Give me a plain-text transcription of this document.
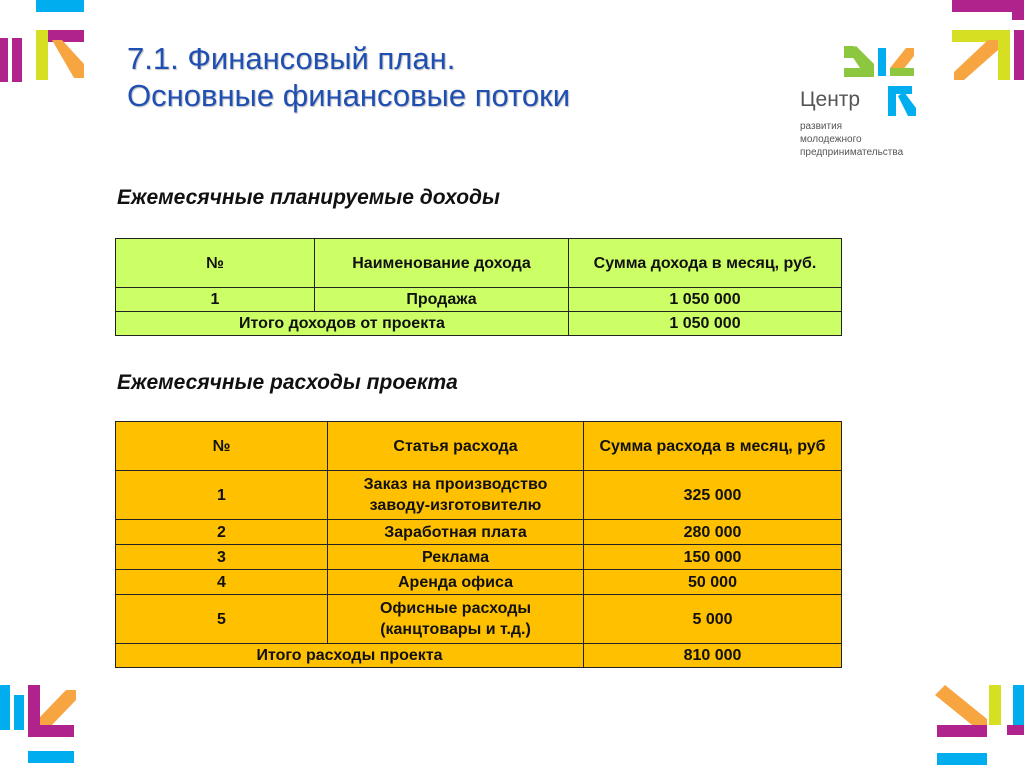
7.1. Финансовый план.
Основные финансовые потоки	Центр
развития
молодежного
предпринимательства
Ежемесячные планируемые доходы
№	Наименование дохода	Сумма дохода в месяц, руб.
1	Продажа	1 050 000
Итого доходов от проекта		1 050 000
Ежемесячные расходы проекта
№	Статья расхода	Сумма расхода в месяц, руб
1	Заказ на производство заводу-изготовителю	325 000
2	Заработная плата	280 000
3	Реклама	150 000
4	Аренда офиса	50 000
5	Офисные расходы (канцтовары и т.д.)	5 000
Итого расходы проекта		810 000
